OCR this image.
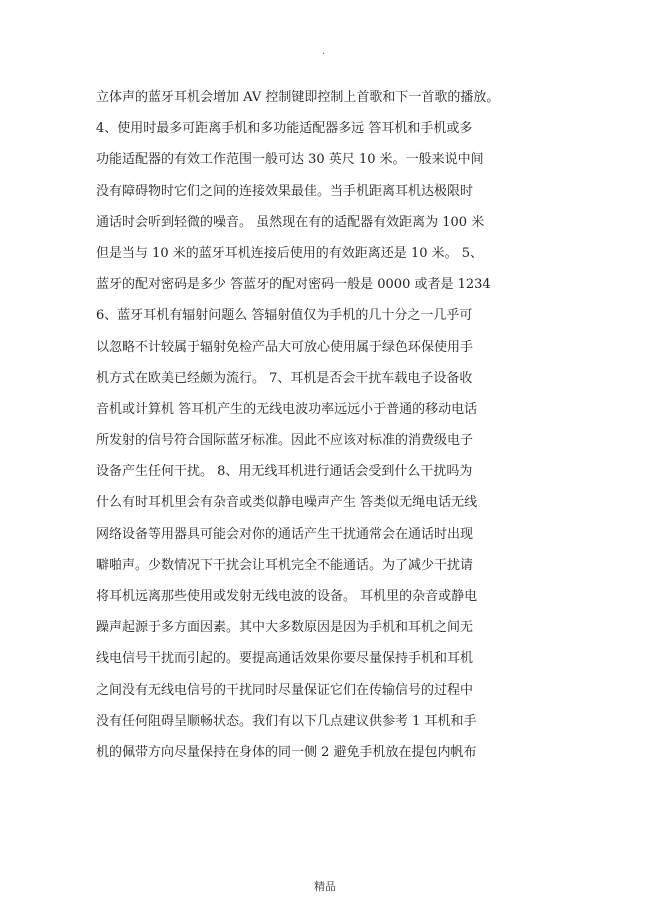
.
立体声的蓝牙耳机会增加 AV 控制键即控制上首歌和下一首歌的播放。
4、使用时最多可距离手机和多功能适配器多远 答耳机和手机或多
功能适配器的有效工作范围一般可达 30 英尺 10 米。一般来说中间
没有障碍物时它们之间的连接效果最佳。当手机距离耳机达极限时
通话时会听到轻微的噪音。 虽然现在有的适配器有效距离为 100 米
但是当与 10 米的蓝牙耳机连接后使用的有效距离还是 10 米。 5、
蓝牙的配对密码是多少 答蓝牙的配对密码一般是 0000 或者是 1234
6、蓝牙耳机有辐射问题么 答辐射值仅为手机的几十分之一几乎可
以忽略不计较属于辐射免检产品大可放心使用属于绿色环保使用手
机方式在欧美已经颇为流行。 7、耳机是否会干扰车载电子设备收
音机或计算机 答耳机产生的无线电波功率远远小于普通的移动电话
所发射的信号符合国际蓝牙标准。因此不应该对标准的消费级电子
设备产生任何干扰。 8、用无线耳机进行通话会受到什么干扰吗为
什么有时耳机里会有杂音或类似静电噪声产生 答类似无绳电话无线
网络设备等用器具可能会对你的通话产生干扰通常会在通话时出现
噼啪声。少数情况下干扰会让耳机完全不能通话。为了减少干扰请
将耳机远离那些使用或发射无线电波的设备。 耳机里的杂音或静电
躁声起源于多方面因素。其中大多数原因是因为手机和耳机之间无
线电信号干扰而引起的。要提高通话效果你要尽量保持手机和耳机
之间没有无线电信号的干扰同时尽量保证它们在传输信号的过程中
没有任何阻碍呈顺畅状态。我们有以下几点建议供参考 1 耳机和手
机的佩带方向尽量保持在身体的同一侧 2 避免手机放在提包内帆布
精品
